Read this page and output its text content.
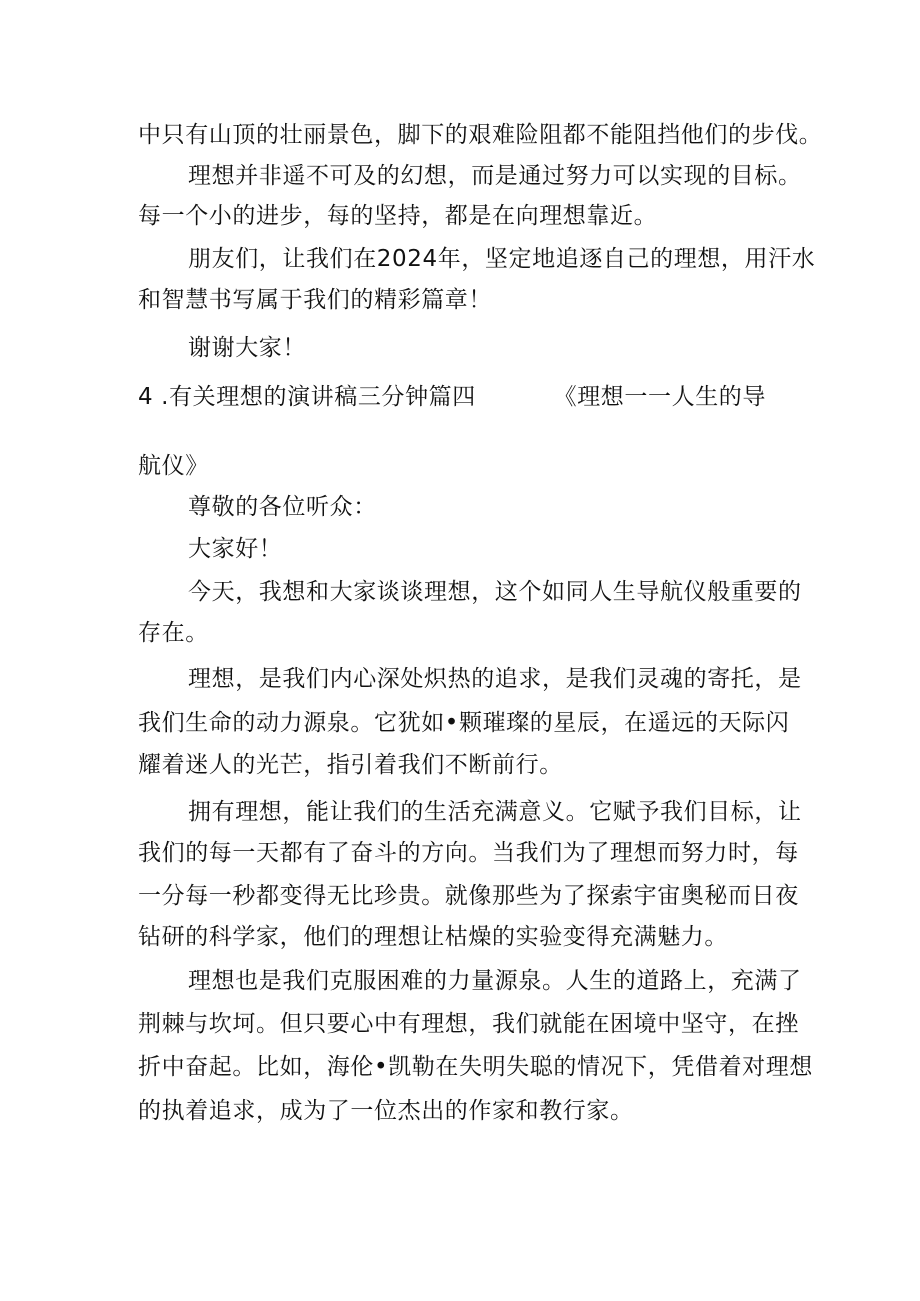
中只有山顶的壮丽景色，脚下的艰难险阻都不能阻挡他们的步伐。
理想并非遥不可及的幻想，而是通过努力可以实现的目标。
每一个小的进步，每的坚持，都是在向理想靠近。
朋友们，让我们在2024年，坚定地追逐自己的理想，用汗水
和智慧书写属于我们的精彩篇章！
谢谢大家！
4 .有关理想的演讲稿三分钟篇四	《理想一一人生的导
航仪》
尊敬的各位听众：
大家好！
今天，我想和大家谈谈理想，这个如同人生导航仪般重要的
存在。
理想，是我们内心深处炽热的追求，是我们灵魂的寄托，是
我们生命的动力源泉。它犹如•颗璀璨的星辰，在遥远的天际闪
耀着迷人的光芒，指引着我们不断前行。
拥有理想，能让我们的生活充满意义。它赋予我们目标，让
我们的每一天都有了奋斗的方向。当我们为了理想而努力时，每
一分每一秒都变得无比珍贵。就像那些为了探索宇宙奥秘而日夜
钻研的科学家，他们的理想让枯燥的实验变得充满魅力。
理想也是我们克服困难的力量源泉。人生的道路上，充满了
荆棘与坎坷。但只要心中有理想，我们就能在困境中坚守，在挫
折中奋起。比如，海伦•凯勒在失明失聪的情况下，凭借着对理想
的执着追求，成为了一位杰出的作家和教行家。
